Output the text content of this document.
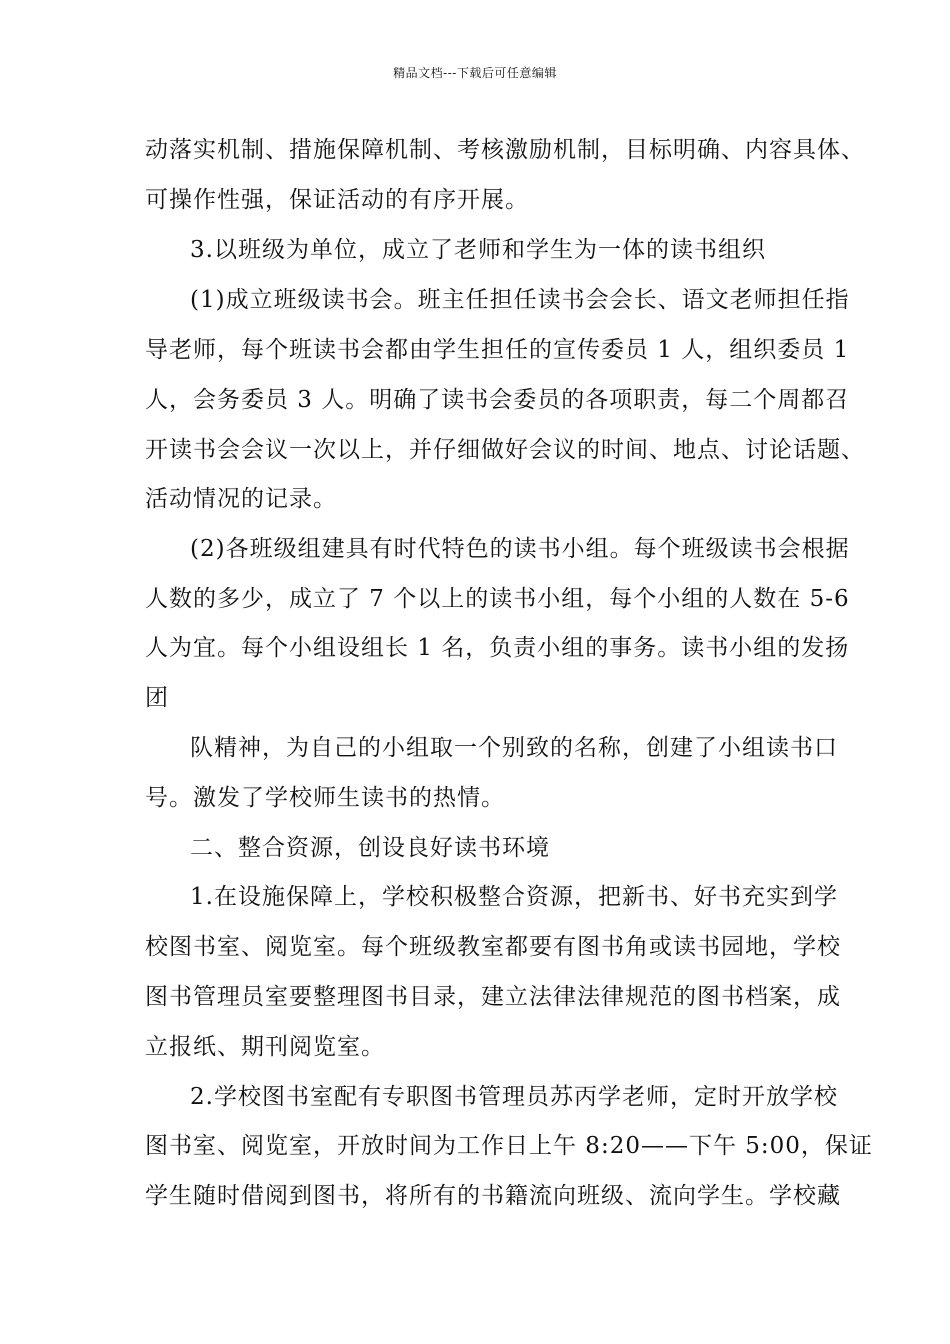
精品文档---下载后可任意编辑
动落实机制、措施保障机制、考核激励机制，目标明确、内容具体、
可操作性强，保证活动的有序开展。
3.以班级为单位，成立了老师和学生为一体的读书组织
(1)成立班级读书会。班主任担任读书会会长、语文老师担任指
导老师，每个班读书会都由学生担任的宣传委员 1 人，组织委员 1
人，会务委员 3 人。明确了读书会委员的各项职责，每二个周都召
开读书会会议一次以上，并仔细做好会议的时间、地点、讨论话题、
活动情况的记录。
(2)各班级组建具有时代特色的读书小组。每个班级读书会根据
人数的多少，成立了 7 个以上的读书小组，每个小组的人数在 5-6
人为宜。每个小组设组长 1 名，负责小组的事务。读书小组的发扬
团
队精神，为自己的小组取一个别致的名称，创建了小组读书口
号。激发了学校师生读书的热情。
二、整合资源，创设良好读书环境
1.在设施保障上，学校积极整合资源，把新书、好书充实到学
校图书室、阅览室。每个班级教室都要有图书角或读书园地，学校
图书管理员室要整理图书目录，建立法律法律规范的图书档案，成
立报纸、期刊阅览室。
2.学校图书室配有专职图书管理员苏丙学老师，定时开放学校
图书室、阅览室，开放时间为工作日上午 8:20——下午 5:00，保证
学生随时借阅到图书，将所有的书籍流向班级、流向学生。学校藏
